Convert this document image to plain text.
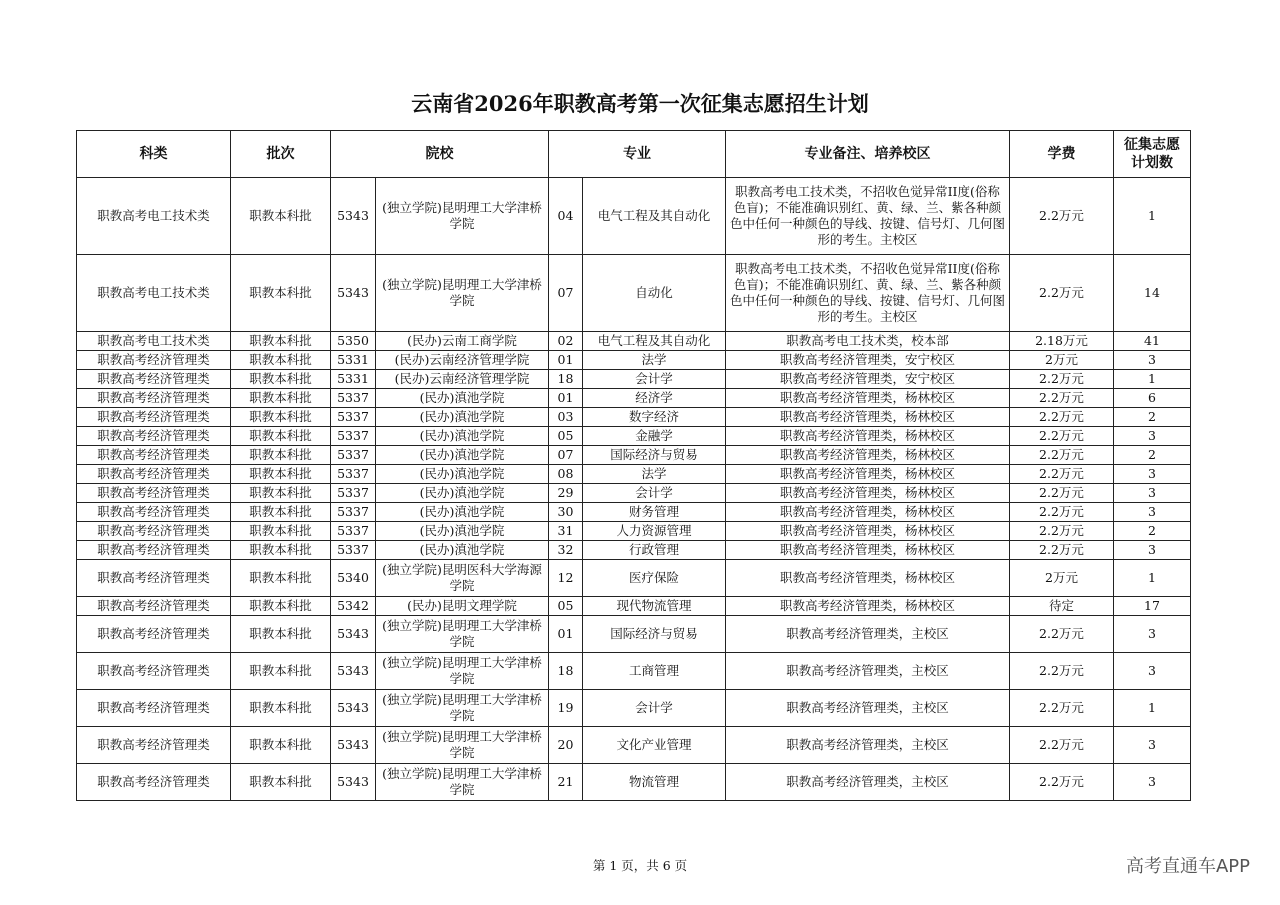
云南省2026年职教高考第一次征集志愿招生计划
科类	批次	院校		专业		专业备注、培养校区	学费	征集志愿
计划数

职教高考电工技术类	职教本科批	5343	(独立学院)昆明理工大学津桥学院	04	电气工程及其自动化	职教高考电工技术类，不招收色觉异常II度(俗称色盲)；不能准确识别红、黄、绿、兰、紫各种颜色中任何一种颜色的导线、按键、信号灯、几何图形的考生。主校区	2.2万元	1
职教高考电工技术类	职教本科批	5343	(独立学院)昆明理工大学津桥学院	07	自动化	职教高考电工技术类，不招收色觉异常II度(俗称色盲)；不能准确识别红、黄、绿、兰、紫各种颜色中任何一种颜色的导线、按键、信号灯、几何图形的考生。主校区	2.2万元	14
职教高考电工技术类	职教本科批	5350	(民办)云南工商学院	02	电气工程及其自动化	职教高考电工技术类，校本部	2.18万元	41
职教高考经济管理类	职教本科批	5331	(民办)云南经济管理学院	01	法学	职教高考经济管理类，安宁校区	2万元	3
职教高考经济管理类	职教本科批	5331	(民办)云南经济管理学院	18	会计学	职教高考经济管理类，安宁校区	2.2万元	1
职教高考经济管理类	职教本科批	5337	(民办)滇池学院	01	经济学	职教高考经济管理类，杨林校区	2.2万元	6
职教高考经济管理类	职教本科批	5337	(民办)滇池学院	03	数字经济	职教高考经济管理类，杨林校区	2.2万元	2
职教高考经济管理类	职教本科批	5337	(民办)滇池学院	05	金融学	职教高考经济管理类，杨林校区	2.2万元	3
职教高考经济管理类	职教本科批	5337	(民办)滇池学院	07	国际经济与贸易	职教高考经济管理类，杨林校区	2.2万元	2
职教高考经济管理类	职教本科批	5337	(民办)滇池学院	08	法学	职教高考经济管理类，杨林校区	2.2万元	3
职教高考经济管理类	职教本科批	5337	(民办)滇池学院	29	会计学	职教高考经济管理类，杨林校区	2.2万元	3
职教高考经济管理类	职教本科批	5337	(民办)滇池学院	30	财务管理	职教高考经济管理类，杨林校区	2.2万元	3
职教高考经济管理类	职教本科批	5337	(民办)滇池学院	31	人力资源管理	职教高考经济管理类，杨林校区	2.2万元	2
职教高考经济管理类	职教本科批	5337	(民办)滇池学院	32	行政管理	职教高考经济管理类，杨林校区	2.2万元	3
职教高考经济管理类	职教本科批	5340	(独立学院)昆明医科大学海源学院	12	医疗保险	职教高考经济管理类，杨林校区	2万元	1
职教高考经济管理类	职教本科批	5342	(民办)昆明文理学院	05	现代物流管理	职教高考经济管理类，杨林校区	待定	17
职教高考经济管理类	职教本科批	5343	(独立学院)昆明理工大学津桥学院	01	国际经济与贸易	职教高考经济管理类，主校区	2.2万元	3
职教高考经济管理类	职教本科批	5343	(独立学院)昆明理工大学津桥学院	18	工商管理	职教高考经济管理类，主校区	2.2万元	3
职教高考经济管理类	职教本科批	5343	(独立学院)昆明理工大学津桥学院	19	会计学	职教高考经济管理类，主校区	2.2万元	1
职教高考经济管理类	职教本科批	5343	(独立学院)昆明理工大学津桥学院	20	文化产业管理	职教高考经济管理类，主校区	2.2万元	3
职教高考经济管理类	职教本科批	5343	(独立学院)昆明理工大学津桥学院	21	物流管理	职教高考经济管理类，主校区	2.2万元	3
第 1 页，共 6 页	高考直通车APP
